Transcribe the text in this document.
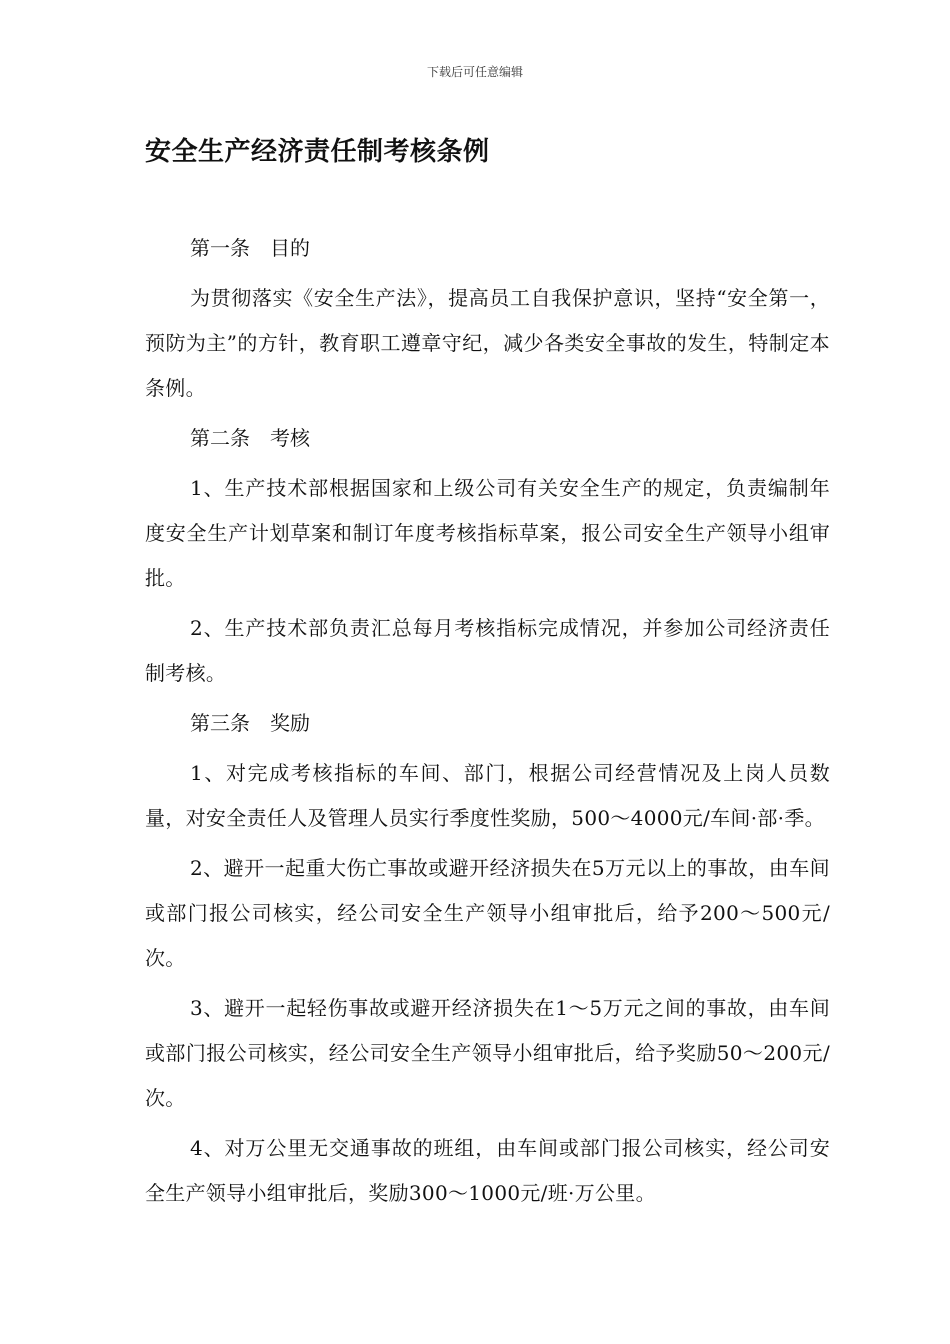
下载后可任意编辑
安全生产经济责任制考核条例
第一条　目的

为贯彻落实《安全生产法》，提高员工自我保护意识，坚持“安全第一，预防为主”的方针，教育职工遵章守纪，减少各类安全事故的发生，特制定本条例。

第二条　考核

1、生产技术部根据国家和上级公司有关安全生产的规定，负责编制年度安全生产计划草案和制订年度考核指标草案，报公司安全生产领导小组审批。

2、生产技术部负责汇总每月考核指标完成情况，并参加公司经济责任制考核。

第三条　奖励

1、对完成考核指标的车间、部门，根据公司经营情况及上岗人员数量，对安全责任人及管理人员实行季度性奖励，500～4000元/车间·部·季。

2、避开一起重大伤亡事故或避开经济损失在5万元以上的事故，由车间或部门报公司核实，经公司安全生产领导小组审批后，给予200～500元/次。

3、避开一起轻伤事故或避开经济损失在1～5万元之间的事故，由车间或部门报公司核实，经公司安全生产领导小组审批后，给予奖励50～200元/次。

4、对万公里无交通事故的班组，由车间或部门报公司核实，经公司安全生产领导小组审批后，奖励300～1000元/班·万公里。
